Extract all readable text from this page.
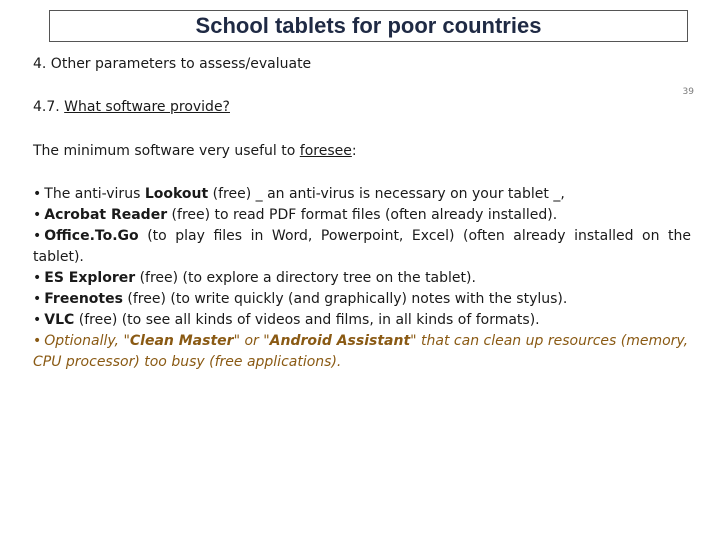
School tablets for poor countries
4. Other parameters to assess/evaluate
39
4.7. What software provide?
The minimum software very useful to foresee:

• The anti-virus Lookout (free) _ an anti-virus is necessary on your tablet _,

• Acrobat Reader (free) to read PDF format files (often already installed).

• Office.To.Go (to play files in Word, Powerpoint, Excel) (often already installed on the tablet).

• ES Explorer (free) (to explore a directory tree on the tablet).

• Freenotes (free) (to write quickly (and graphically) notes with the stylus).

• VLC (free) (to see all kinds of videos and films, in all kinds of formats).

• Optionally, "Clean Master" or "Android Assistant" that can clean up resources (memory, CPU processor) too busy (free applications).
